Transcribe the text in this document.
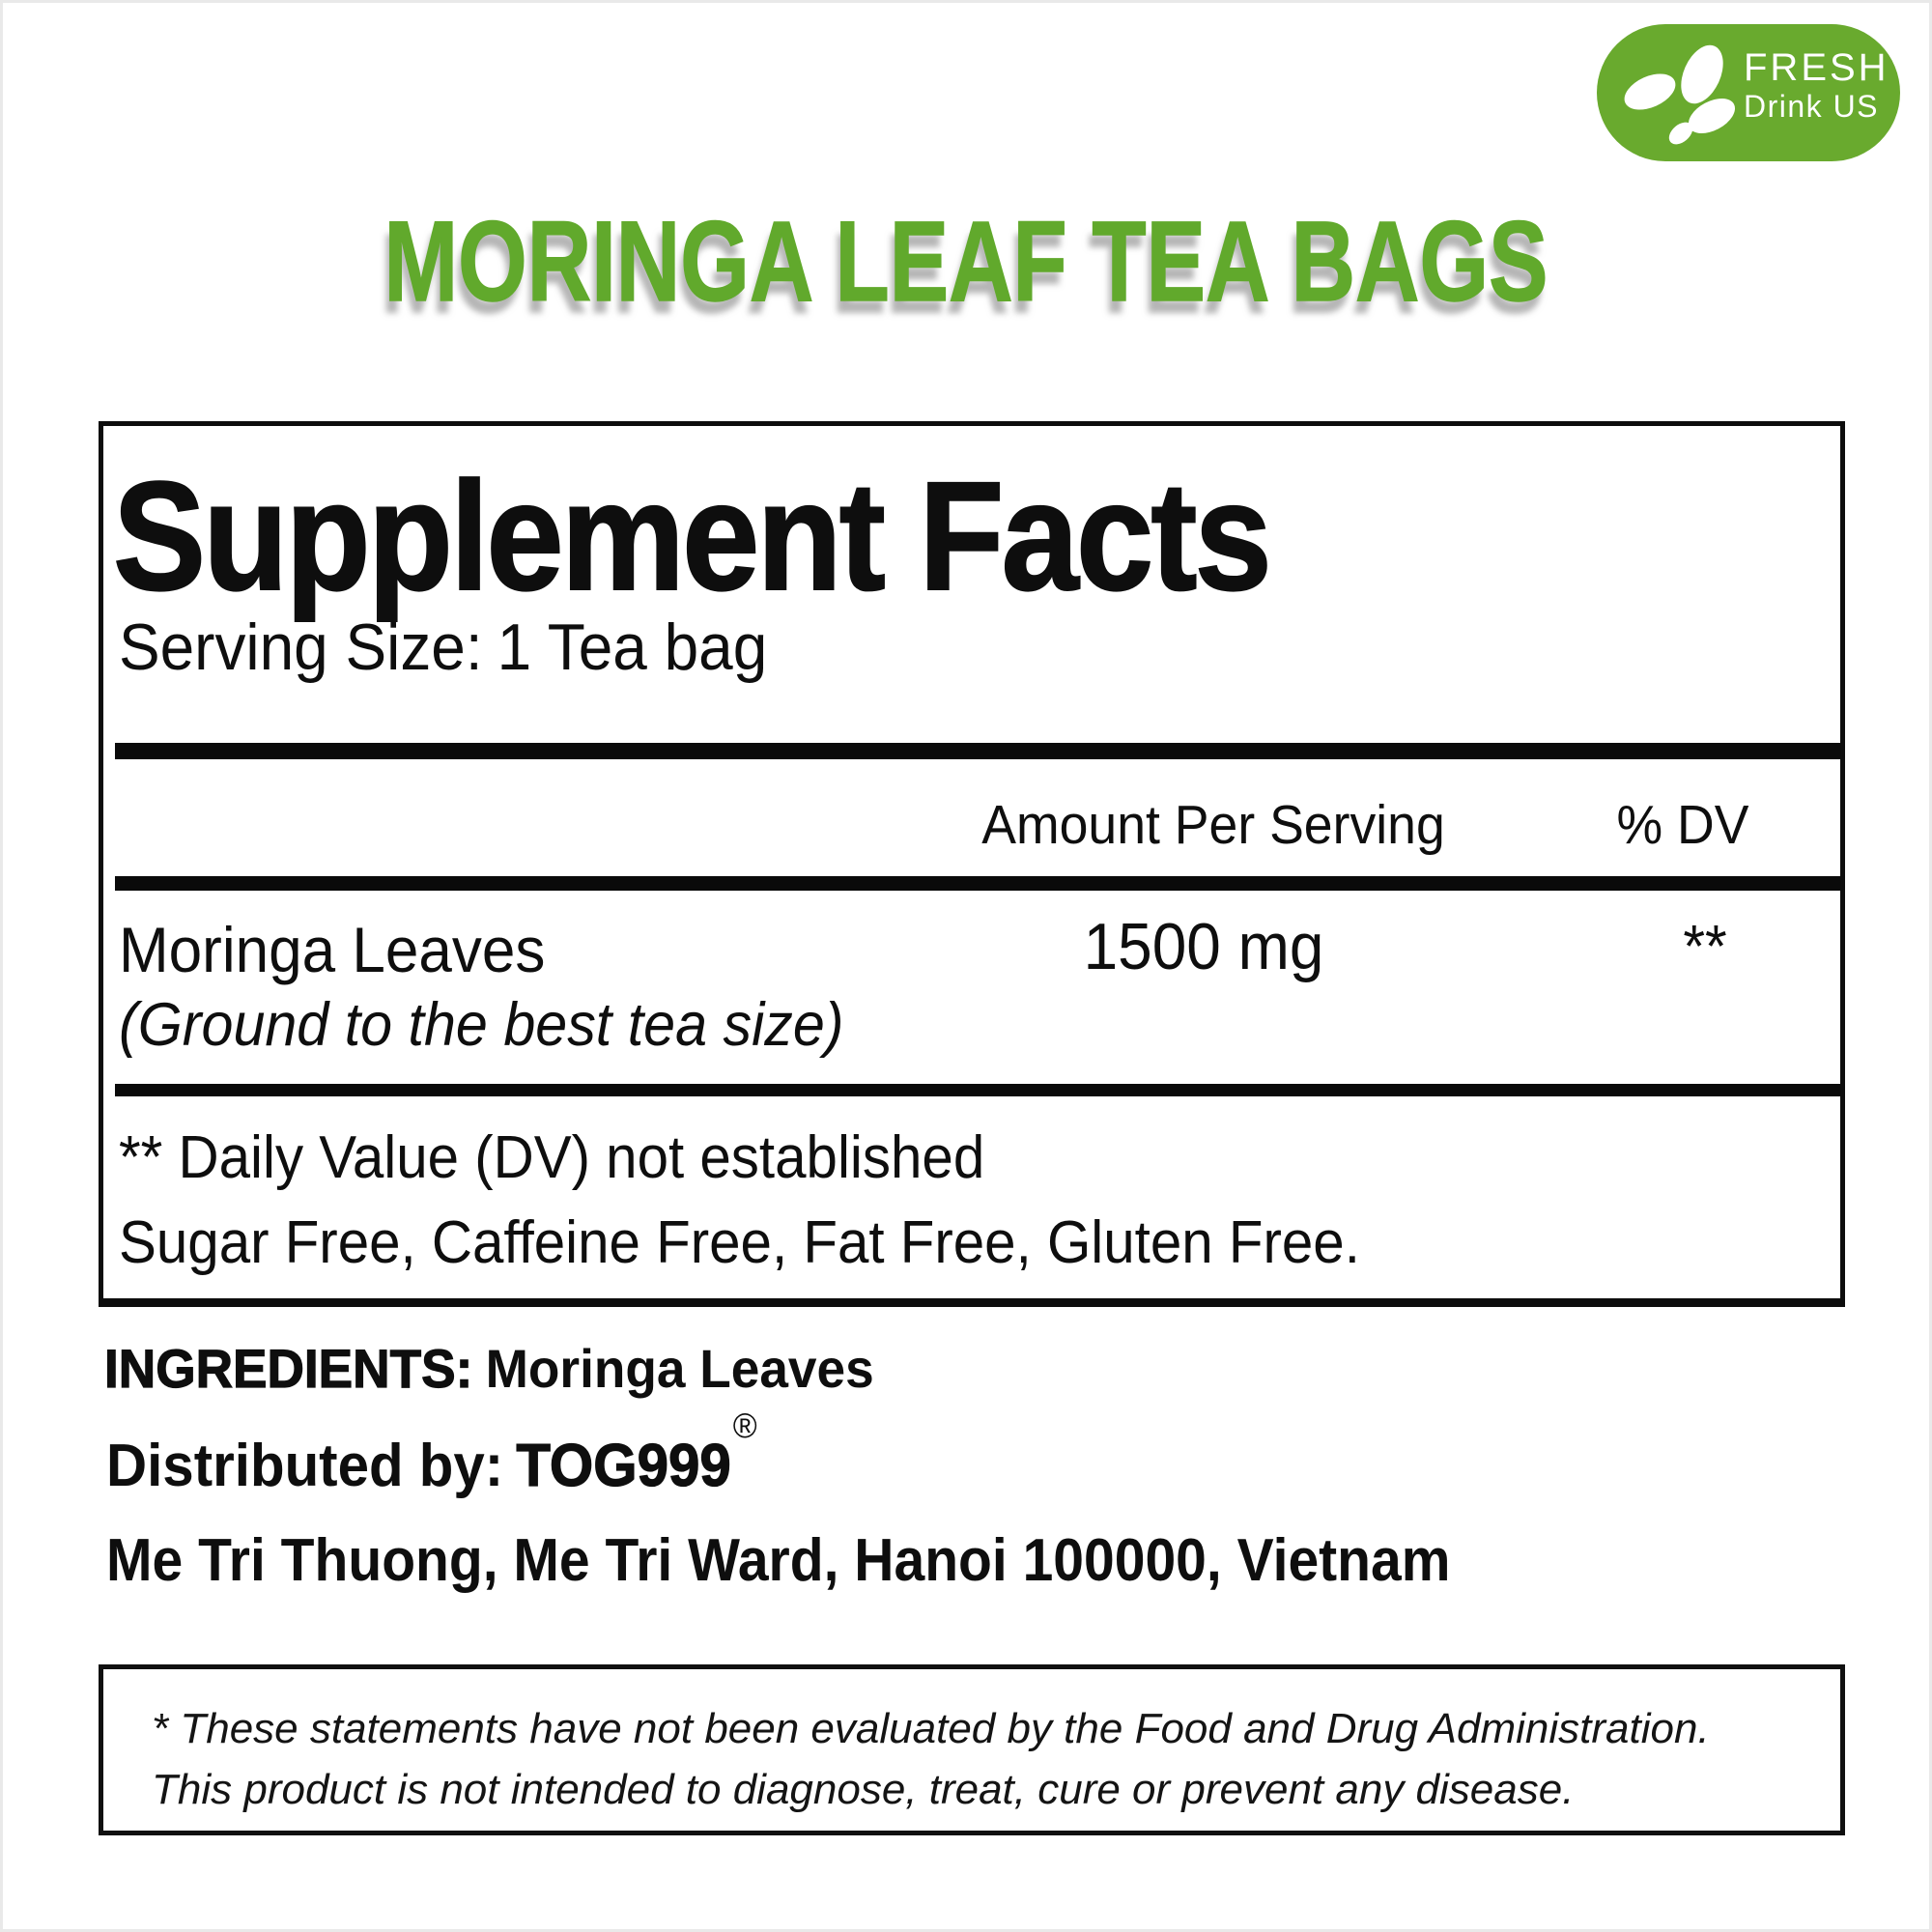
FRESH
Drink US
MORINGA LEAF TEA BAGS
Supplement Facts
Serving Size: 1 Tea bag
Amount Per Serving	% DV
Moringa Leaves	1500 mg	**
(Ground to the best tea size)
** Daily Value (DV) not established
Sugar Free, Caffeine Free, Fat Free, Gluten Free.

INGREDIENTS: Moringa Leaves

Distributed by: TOG999®

Me Tri Thuong, Me Tri Ward, Hanoi 100000, Vietnam

* These statements have not been evaluated by the Food and Drug Administration.
This product is not intended to diagnose, treat, cure or prevent any disease.
